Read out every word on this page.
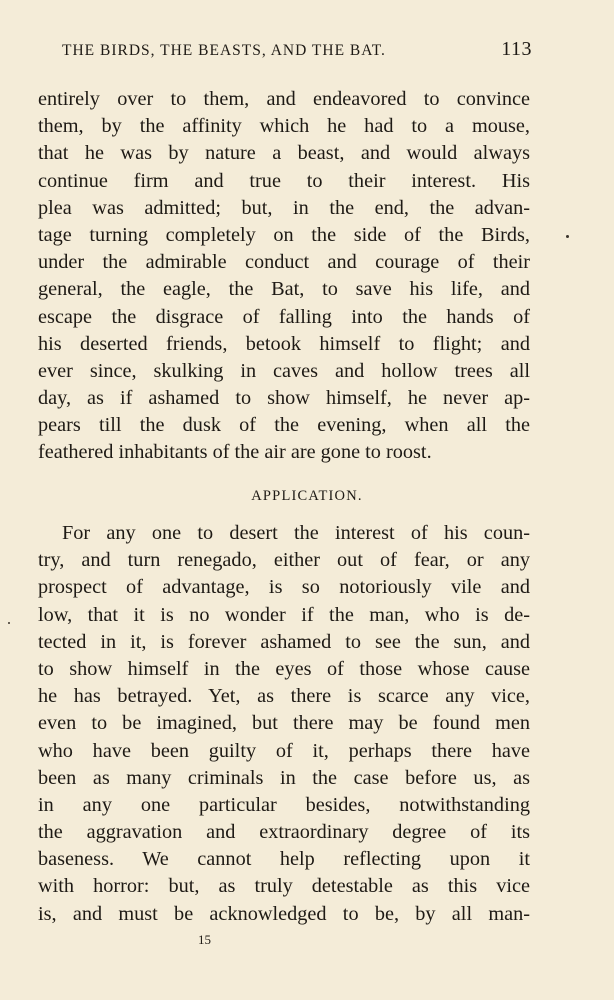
THE BIRDS, THE BEASTS, AND THE BAT.	113
entirely over to them, and endeavored to convince
them, by the affinity which he had to a mouse,
that he was by nature a beast, and would always
continue firm and true to their interest. His
plea was admitted; but, in the end, the advan-
tage turning completely on the side of the Birds,
under the admirable conduct and courage of their
general, the eagle, the Bat, to save his life, and
escape the disgrace of falling into the hands of
his deserted friends, betook himself to flight; and
ever since, skulking in caves and hollow trees all
day, as if ashamed to show himself, he never ap-
pears till the dusk of the evening, when all the
feathered inhabitants of the air are gone to roost.
APPLICATION.
For any one to desert the interest of his coun-
try, and turn renegado, either out of fear, or any
prospect of advantage, is so notoriously vile and
low, that it is no wonder if the man, who is de-
tected in it, is forever ashamed to see the sun, and
to show himself in the eyes of those whose cause
he has betrayed. Yet, as there is scarce any vice,
even to be imagined, but there may be found men
who have been guilty of it, perhaps there have
been as many criminals in the case before us, as
in any one particular besides, notwithstanding
the aggravation and extraordinary degree of its
baseness. We cannot help reflecting upon it
with horror: but, as truly detestable as this vice
is, and must be acknowledged to be, by all man-
15
